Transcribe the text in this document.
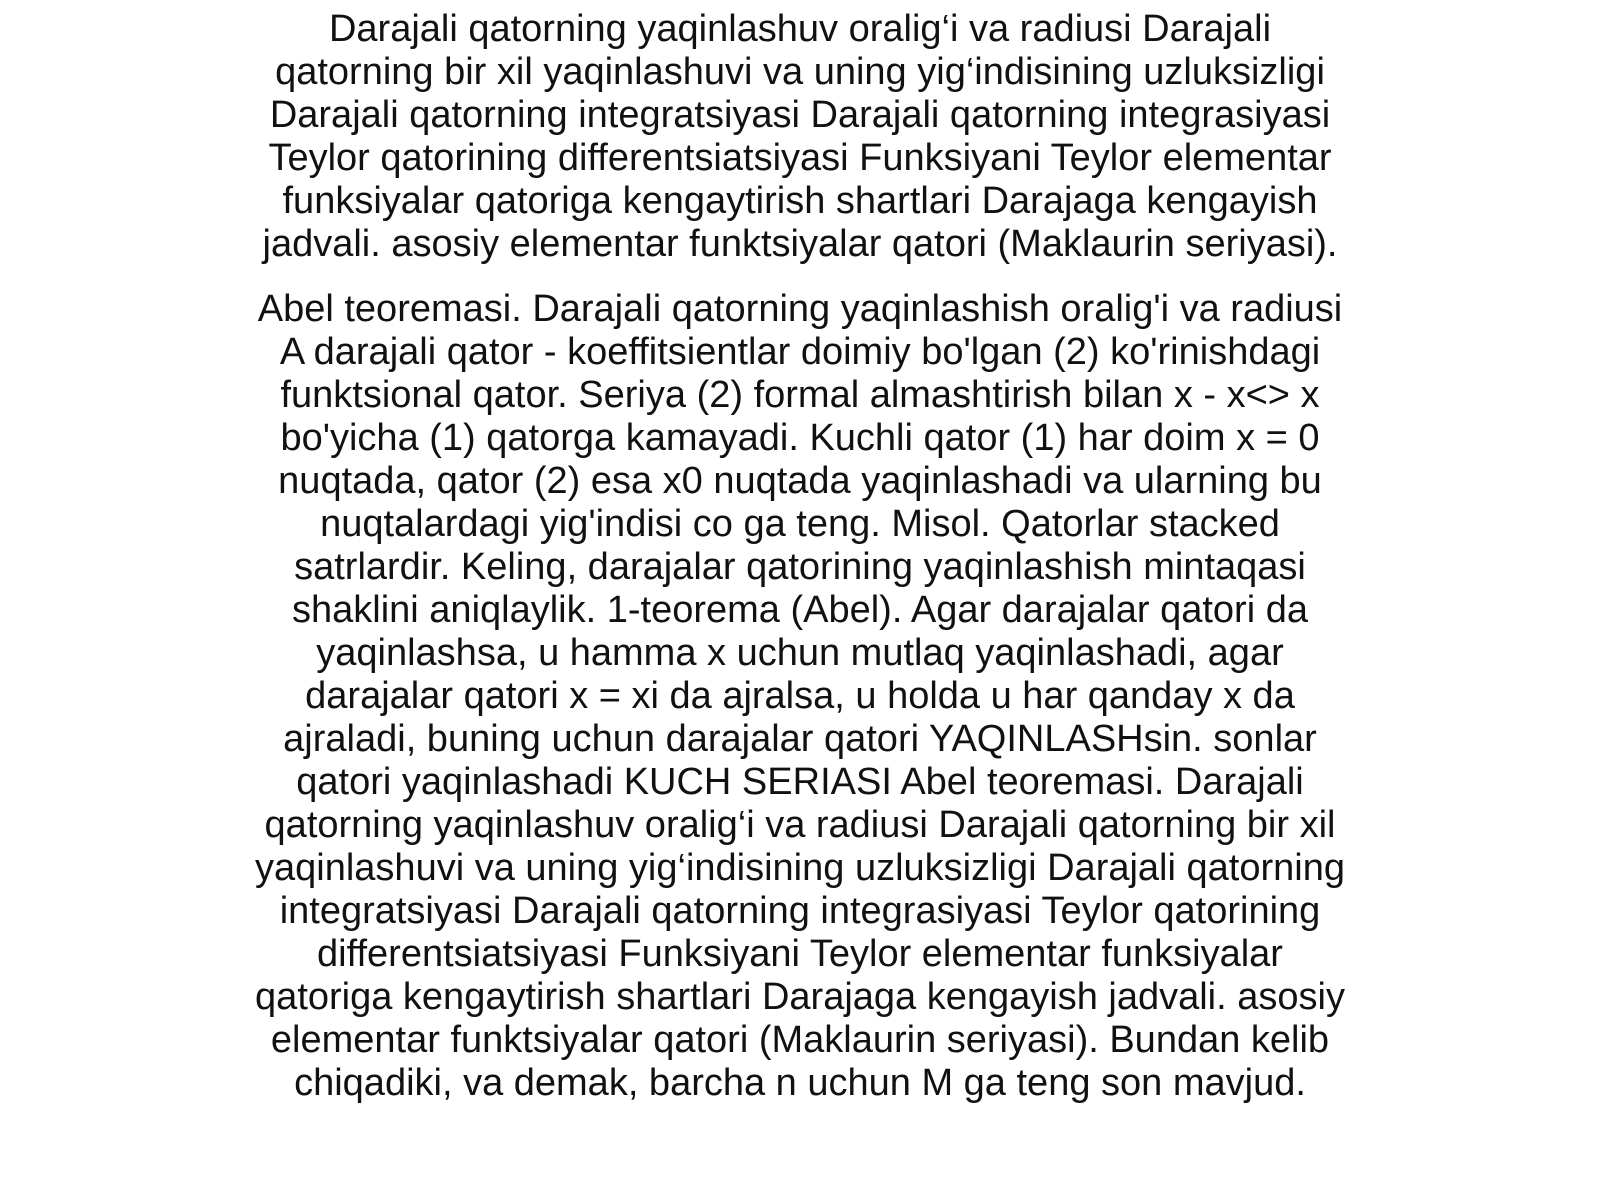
Darajali qatorning yaqinlashuv oralig‘i va radiusi Darajali
qatorning bir xil yaqinlashuvi va uning yig‘indisining uzluksizligi
Darajali qatorning integratsiyasi Darajali qatorning integrasiyasi
Teylor qatorining differentsiatsiyasi Funksiyani Teylor elementar
funksiyalar qatoriga kengaytirish shartlari Darajaga kengayish
jadvali. asosiy elementar funktsiyalar qatori (Maklaurin seriyasi).

Abel teoremasi. Darajali qatorning yaqinlashish oralig'i va radiusi
A darajali qator - koeffitsientlar doimiy bo'lgan (2) ko'rinishdagi
funktsional qator. Seriya (2) formal almashtirish bilan x - x<> x
bo'yicha (1) qatorga kamayadi. Kuchli qator (1) har doim x = 0
nuqtada, qator (2) esa x0 nuqtada yaqinlashadi va ularning bu
nuqtalardagi yig'indisi co ga teng. Misol. Qatorlar stacked
satrlardir. Keling, darajalar qatorining yaqinlashish mintaqasi
shaklini aniqlaylik. 1-teorema (Abel). Agar darajalar qatori da
yaqinlashsa, u hamma x uchun mutlaq yaqinlashadi, agar
darajalar qatori x = xi da ajralsa, u holda u har qanday x da
ajraladi, buning uchun darajalar qatori YAQINLASHsin. sonlar
qatori yaqinlashadi KUCH SERIASI Abel teoremasi. Darajali
qatorning yaqinlashuv oralig‘i va radiusi Darajali qatorning bir xil
yaqinlashuvi va uning yig‘indisining uzluksizligi Darajali qatorning
integratsiyasi Darajali qatorning integrasiyasi Teylor qatorining
differentsiatsiyasi Funksiyani Teylor elementar funksiyalar
qatoriga kengaytirish shartlari Darajaga kengayish jadvali. asosiy
elementar funktsiyalar qatori (Maklaurin seriyasi). Bundan kelib
chiqadiki, va demak, barcha n uchun M ga teng son mavjud.
